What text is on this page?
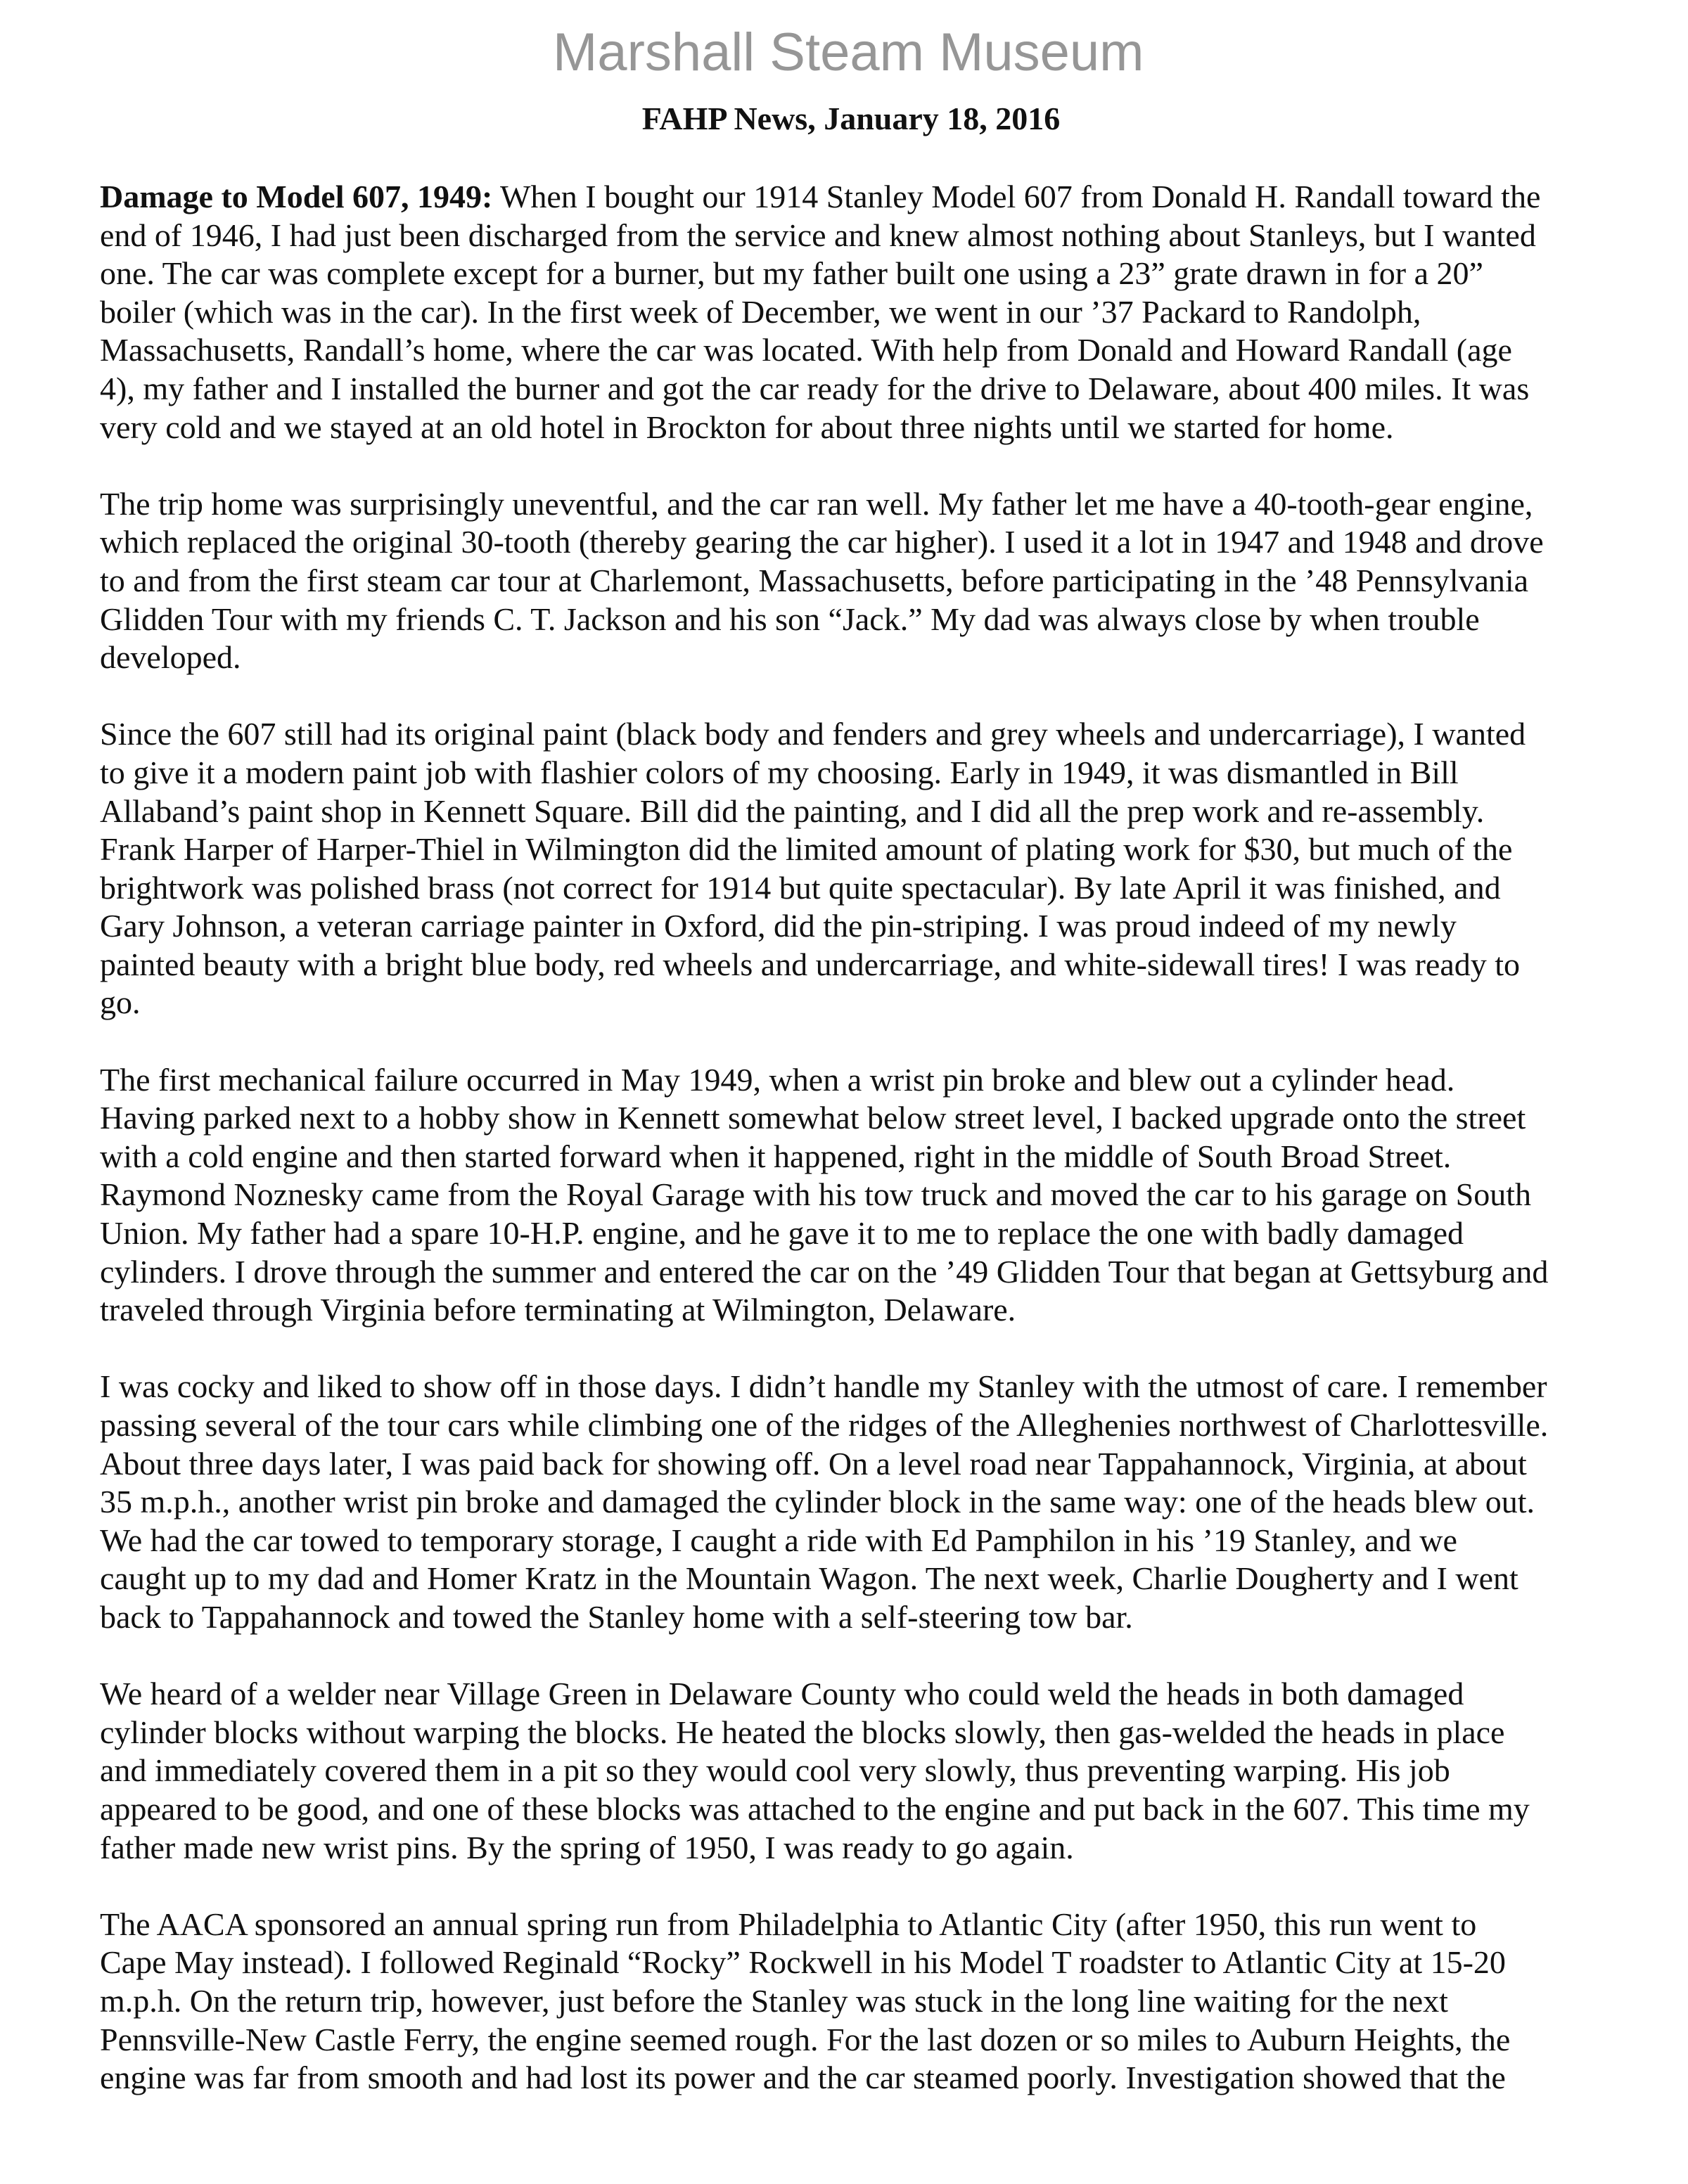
FAHP News, January 18, 2016
Damage to Model 607, 1949: When I bought our 1914 Stanley Model 607 from Donald H. Randall toward the
end of 1946, I had just been discharged from the service and knew almost nothing about Stanleys, but I wanted
one. The car was complete except for a burner, but my father built one using a 23” grate drawn in for a 20”
boiler (which was in the car). In the first week of December, we went in our ’37 Packard to Randolph,
Massachusetts, Randall’s home, where the car was located. With help from Donald and Howard Randall (age
4), my father and I installed the burner and got the car ready for the drive to Delaware, about 400 miles. It was
very cold and we stayed at an old hotel in Brockton for about three nights until we started for home.
The trip home was surprisingly uneventful, and the car ran well. My father let me have a 40-tooth-gear engine,
which replaced the original 30-tooth (thereby gearing the car higher). I used it a lot in 1947 and 1948 and drove
to and from the first steam car tour at Charlemont, Massachusetts, before participating in the ’48 Pennsylvania
Glidden Tour with my friends C. T. Jackson and his son “Jack.” My dad was always close by when trouble
developed.
Since the 607 still had its original paint (black body and fenders and grey wheels and undercarriage), I wanted
to give it a modern paint job with flashier colors of my choosing. Early in 1949, it was dismantled in Bill
Allaband’s paint shop in Kennett Square. Bill did the painting, and I did all the prep work and re-assembly.
Frank Harper of Harper-Thiel in Wilmington did the limited amount of plating work for $30, but much of the
brightwork was polished brass (not correct for 1914 but quite spectacular). By late April it was finished, and
Gary Johnson, a veteran carriage painter in Oxford, did the pin-striping. I was proud indeed of my newly
painted beauty with a bright blue body, red wheels and undercarriage, and white-sidewall tires! I was ready to
go.
The first mechanical failure occurred in May 1949, when a wrist pin broke and blew out a cylinder head.
Having parked next to a hobby show in Kennett somewhat below street level, I backed upgrade onto the street
with a cold engine and then started forward when it happened, right in the middle of South Broad Street.
Raymond Noznesky came from the Royal Garage with his tow truck and moved the car to his garage on South
Union. My father had a spare 10-H.P. engine, and he gave it to me to replace the one with badly damaged
cylinders. I drove through the summer and entered the car on the ’49 Glidden Tour that began at Gettsyburg and
traveled through Virginia before terminating at Wilmington, Delaware.
I was cocky and liked to show off in those days. I didn’t handle my Stanley with the utmost of care. I remember
passing several of the tour cars while climbing one of the ridges of the Alleghenies northwest of Charlottesville.
About three days later, I was paid back for showing off. On a level road near Tappahannock, Virginia, at about
35 m.p.h., another wrist pin broke and damaged the cylinder block in the same way: one of the heads blew out.
We had the car towed to temporary storage, I caught a ride with Ed Pamphilon in his ’19 Stanley, and we
caught up to my dad and Homer Kratz in the Mountain Wagon. The next week, Charlie Dougherty and I went
back to Tappahannock and towed the Stanley home with a self-steering tow bar.
We heard of a welder near Village Green in Delaware County who could weld the heads in both damaged
cylinder blocks without warping the blocks. He heated the blocks slowly, then gas-welded the heads in place
and immediately covered them in a pit so they would cool very slowly, thus preventing warping. His job
appeared to be good, and one of these blocks was attached to the engine and put back in the 607. This time my
father made new wrist pins. By the spring of 1950, I was ready to go again.
The AACA sponsored an annual spring run from Philadelphia to Atlantic City (after 1950, this run went to
Cape May instead). I followed Reginald “Rocky” Rockwell in his Model T roadster to Atlantic City at 15-20
m.p.h. On the return trip, however, just before the Stanley was stuck in the long line waiting for the next
Pennsville-New Castle Ferry, the engine seemed rough. For the last dozen or so miles to Auburn Heights, the
engine was far from smooth and had lost its power and the car steamed poorly. Investigation showed that the
Marshall Steam Museum
